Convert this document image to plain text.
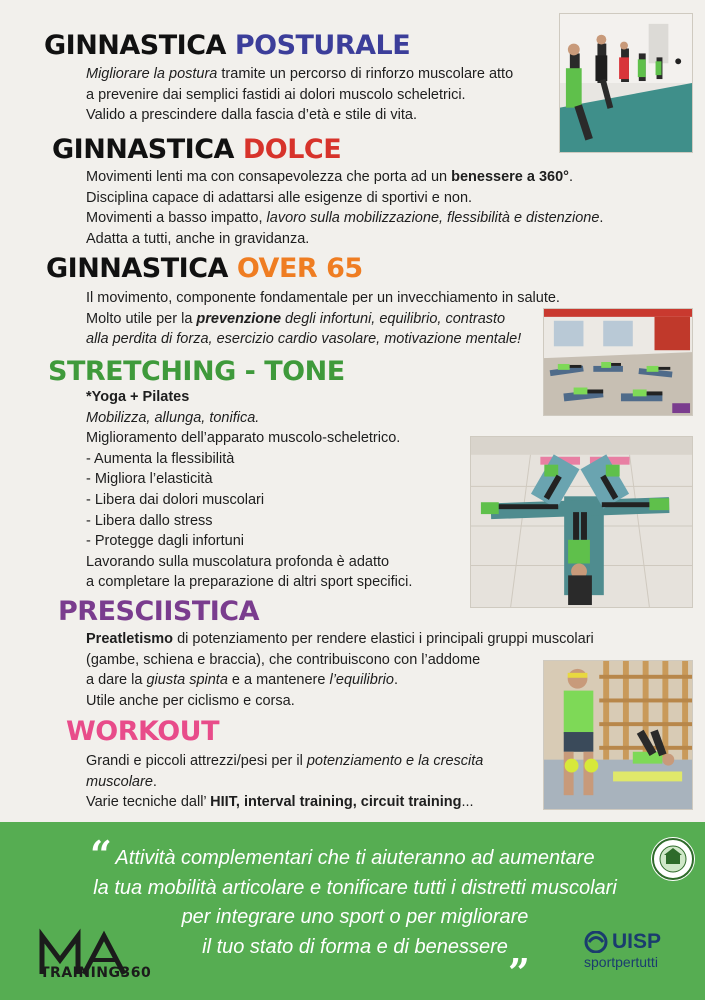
GINNASTICA POSTURALE

Migliorare la postura tramite un percorso di rinforzo muscolare atto

a prevenire dai semplici fastidi ai dolori muscolo scheletrici.

Valido a prescindere dalla fascia d’età e stile di vita.

GINNASTICA DOLCE

Movimenti lenti ma con consapevolezza che porta ad un benessere a 360°.

Disciplina capace di adattarsi alle esigenze di sportivi e non.

Movimenti a basso impatto, lavoro sulla mobilizzazione, flessibilità e distenzione.

Adatta a tutti, anche in gravidanza.

GINNASTICA OVER 65

Il movimento, componente fondamentale per un invecchiamento in salute.

Molto utile per la prevenzione degli infortuni, equilibrio, contrasto

alla perdita di forza, esercizio cardio vasolare, motivazione mentale!

STRETCHING - TONE

*Yoga + Pilates

Mobilizza, allunga, tonifica.

Miglioramento dell’apparato muscolo-scheletrico.

- Aumenta la flessibilità

- Migliora l’elasticità

- Libera dai dolori muscolari

- Libera dallo stress

- Protegge dagli infortuni

Lavorando sulla muscolatura profonda è adatto

a completare la preparazione di altri sport specifici.

PRESCIISTICA

Preatletismo di potenziamento per rendere elastici i principali gruppi muscolari

(gambe, schiena e braccia), che contribuiscono con l’addome

a dare la giusta spinta e a mantenere l’equilibrio.

Utile anche per ciclismo e corsa.

WORKOUT

Grandi e piccoli attrezzi/pesi per il potenziamento e la crescita

muscolare.

Varie tecniche dall’ HIIT, interval training, circuit training...

“
”

Attività complementari che ti aiuteranno ad aumentare

la tua mobilità articolare e tonificare tutti i distretti muscolari

per integrare uno sport o per migliorare

il tuo stato di forma e di benessere

TRAINING360
UISP
sportpertutti
